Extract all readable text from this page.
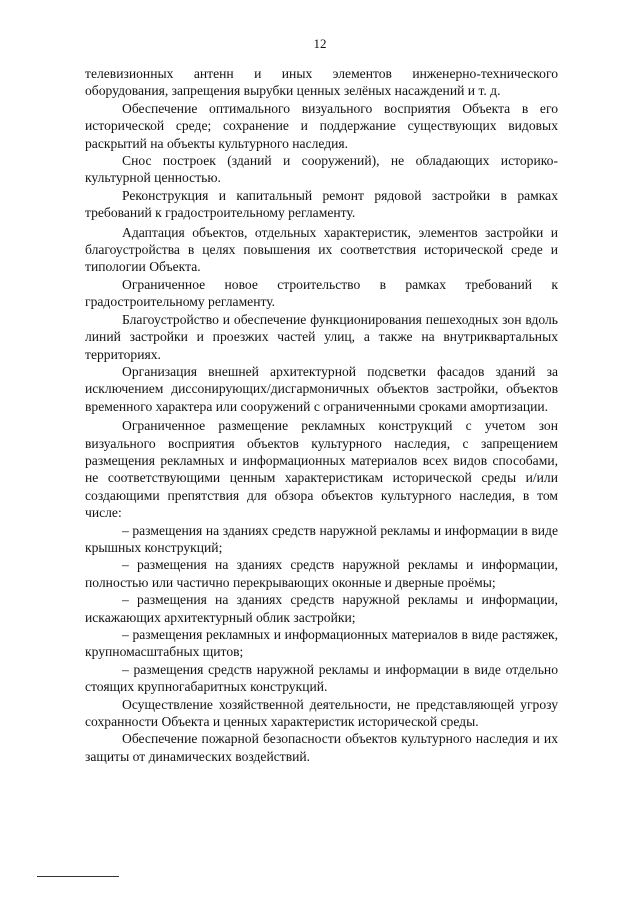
12

телевизионных антенн и иных элементов инженерно-технического оборудования, запрещения вырубки ценных зелёных насаждений и т. д.

Обеспечение оптимального визуального восприятия Объекта в его исторической среде; сохранение и поддержание существующих видовых раскрытий на объекты культурного наследия.

Снос построек (зданий и сооружений), не обладающих историко-культурной ценностью.

Реконструкция и капитальный ремонт рядовой застройки в рамках требований к градостроительному регламенту.

Адаптация объектов, отдельных характеристик, элементов застройки и благоустройства в целях повышения их соответствия исторической среде и типологии Объекта.

Ограниченное новое строительство в рамках требований к градостроительному регламенту.

Благоустройство и обеспечение функционирования пешеходных зон вдоль линий застройки и проезжих частей улиц, а также на внутриквартальных территориях.

Организация внешней архитектурной подсветки фасадов зданий за исключением диссонирующих/дисгармоничных объектов застройки, объектов временного характера или сооружений с ограниченными сроками амортизации.

Ограниченное размещение рекламных конструкций с учетом зон визуального восприятия объектов культурного наследия, с запрещением размещения рекламных и информационных материалов всех видов способами, не соответствующими ценным характеристикам исторической среды и/или создающими препятствия для обзора объектов культурного наследия, в том числе:

– размещения на зданиях средств наружной рекламы и информации в виде крышных конструкций;

– размещения на зданиях средств наружной рекламы и информации, полностью или частично перекрывающих оконные и дверные проёмы;

– размещения на зданиях средств наружной рекламы и информации, искажающих архитектурный облик застройки;

– размещения рекламных и информационных материалов в виде растяжек, крупномасштабных щитов;

– размещения средств наружной рекламы и информации в виде отдельно стоящих крупногабаритных конструкций.

Осуществление хозяйственной деятельности, не представляющей угрозу сохранности Объекта и ценных характеристик исторической среды.

Обеспечение пожарной безопасности объектов культурного наследия и их защиты от динамических воздействий.
